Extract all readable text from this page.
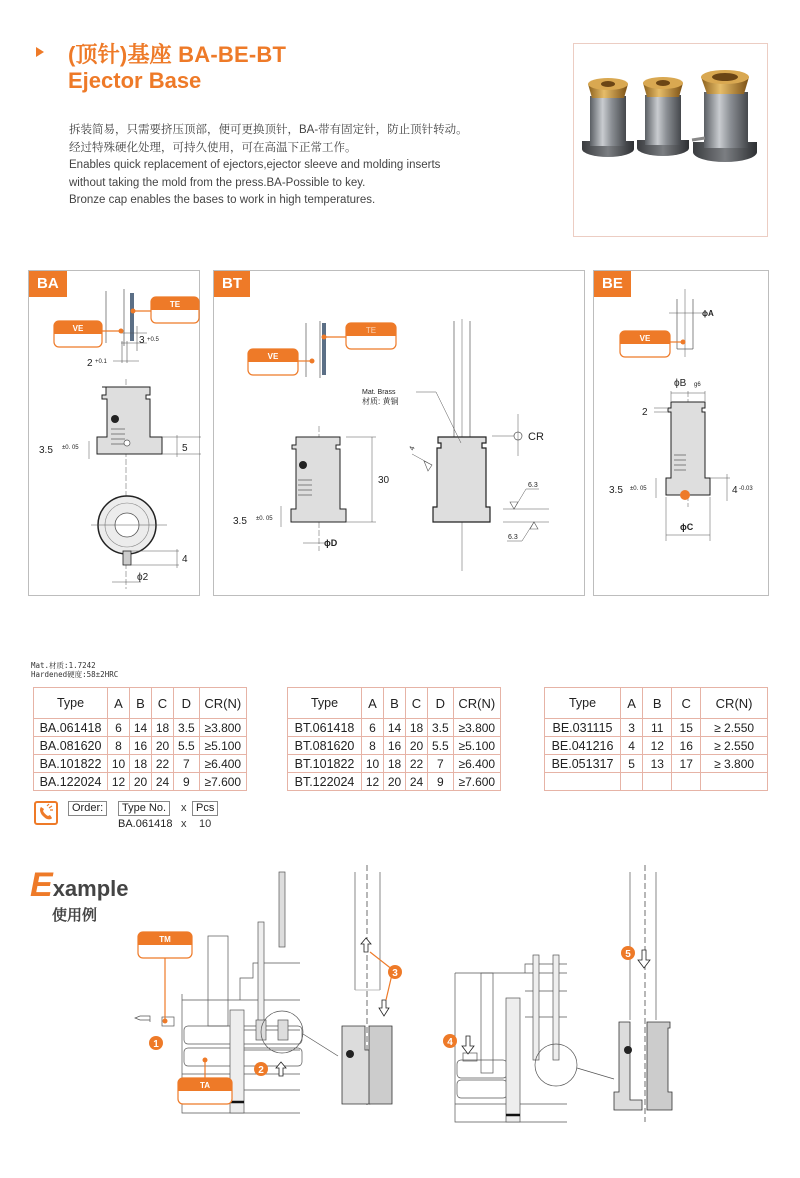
(顶针)基座 BA-BE-BT
Ejector Base
拆装简易，只需要挤压顶部，便可更换顶针，BA-带有固定针，防止顶针转动。
经过特殊硬化处理，可持久使用，可在高温下正常工作。
Enables quick replacement of ejectors,ejector sleeve and molding inserts
without taking the mold from the press.BA-Possible to key.
Bronze cap enables the bases to work in high temperatures.
BA
3 +0.5
2 +0.1
TE
VE
5
3.5 ±0. 05
4
ϕ2
BT
TE
VE
30
3.5 ±0. 05
ϕD
Mat. Brass
材质: 黄铜
CR
4
6.3
6.3
BE
ϕA
VE
ϕB g6
2
3.5 ±0. 05	4 -0.03
ϕC
Mat.材质:1.7242
Hardened硬度:58±2HRC
Type	A	B	C	D	CR(N)
BA.061418	6	14	18	3.5	≥3.800
BA.081620	8	16	20	5.5	≥5.100
BA.101822	10	18	22	7	≥6.400
BA.122024	12	20	24	9	≥7.600
Type	A	B	C	D	CR(N)
BT.061418	6	14	18	3.5	≥3.800
BT.081620	8	16	20	5.5	≥5.100
BT.101822	10	18	22	7	≥6.400
BT.122024	12	20	24	9	≥7.600
Type	A	B	C	CR(N)
BE.031115	3	11	15	≥ 2.550
BE.041216	4	12	16	≥ 2.550
BE.051317	5	13	17	≥ 3.800

Order:	Type No.	x Pcs
BA.061418 x 10
Example
使用例
TM
TA
1
2
3
4
5
